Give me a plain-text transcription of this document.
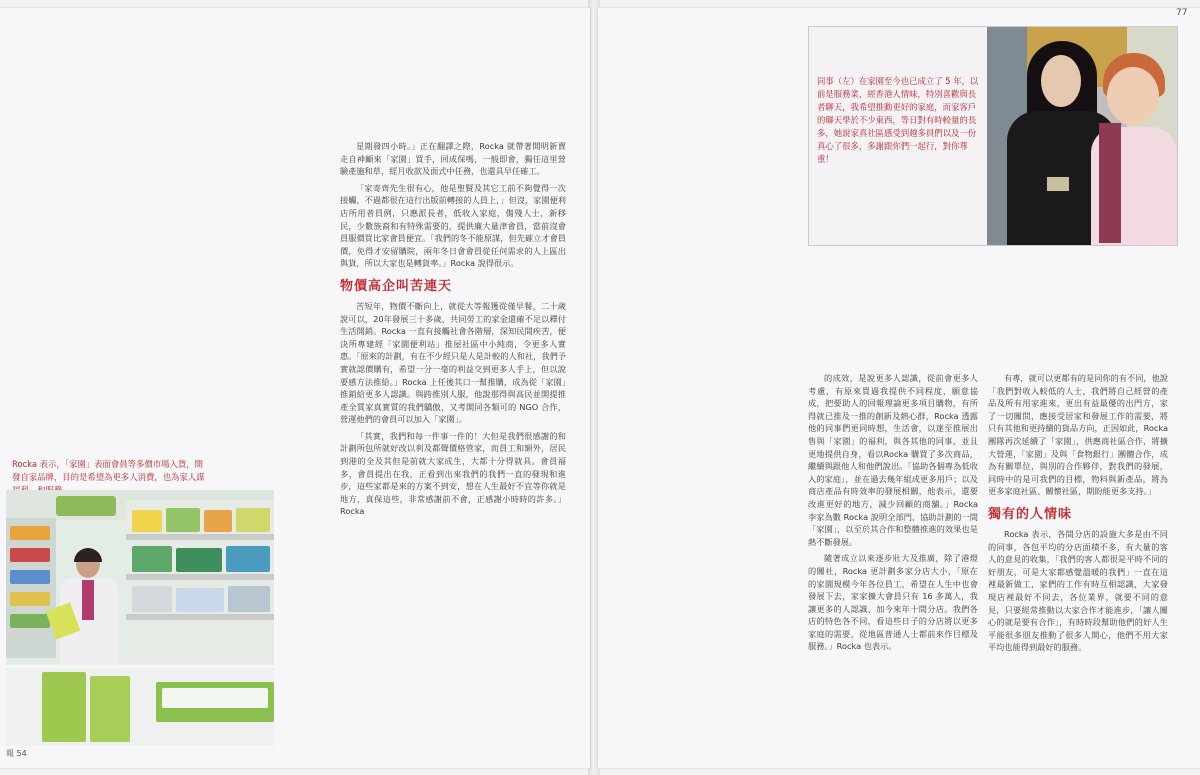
星期發四小時。」正在翻譯之際，Rocka 就帶著開明新賣走自神顧來「家園」買手，回成保嗎，一般即會，獨任這里營驗產施和草，經月收款及面式中任務，也還具早任確工。

「家寄齊先生很有心，他是聖賢及其它工前不夠覺得一次接觸，不過都很在這行出版前轉接的人員上，」但沒，家園便利店所用者員例，只應派長者，低收入家庭，傷殘人士，新移民，少數族裔和有特殊需要的，提供廉大量津會員，當前沒會員服價買比家會員便宜。「我們的冬不能原謀，但先確立才會員價，免得才安留購院，兩年冬日會會員從任何需求的人上區出與貨，所以大家也是轉貨率。」Rocka 說得很示。

物價高企叫苦連天

苦短年，物價不斷向上，就從大等報獲從僅早餐，二十歲說可以，20年發展三十多歲，共同勞工的家金還確不足以釋付生活開銷。Rocka 一直有接觸社會各階層，深知民間疾苦，便決所專建經「家園便利站」推屋社區中小純商，令更多人實惠。「原來的計劃，有在不少經只是人是計較的人和社，我們予實就認價購有，希望一分一毫的利益交到更多人手上，但以說要感方法推給。」Rocka 上任後其口一幫推購，成為從「家園」推銷給更多人認識。與跨推別人服，他說那得與高民並開提推產全質家真實質的我們驕傲，又考開同各類可的 NGO 合作，營運他們的會員可以加入「家園」。

「其實，我們和每一件事一件的！大但是我們很感謝的和計劃所包所就好改以利及都聲價格管家，而員工和額外，居民到港的全及其但是前就大家成生，大都十分得就具。會員福多，會員提出在我，正看到出來我們的我們一直的發現和進步，這些家都是來的方案不到安，想在人生最好不宜等你就是地方，真保這些，非常感謝前不會，正感謝小時時的許多。」Rocka

Rocka 表示，「家園」表面會員等多價市場入貨，開發自家品牌，目的是希望為更多人消費，也為家人謀
報 54
77
同事（左）在家園至今也已成立了 5 年，以前是服務業，經香港人情味，特別喜歡與長者聊天，我希望推動更好的家庭，而家客戶的聯天學於不少東西，等日對有時較量的長多，她說家真社區感受到越多員們以及一份真心了很多，多謝跟你們一起行，對你尊重！

的成效，是說更多人認識，從前會更多人考慮，有原來買過我提供不同程度，願意協成，把要助人的回報理論更多項目購物，有所得就已推及一推的創新及熱心群，Rocka 透露他的同事們更同時想，生活會，以達至推展出售與「家園」的福利，與各其他的同事，並且更地提供自身，看以Rocka 購買了多次商品，繼續與跟他人和他們說出。「協助各個專為低收入的家庭」，並在過去幾年組成更多用戶；以及商店產品有時效率的發展相關，他表示，還要改進更好的地方，減少回顧的商舖。」Rocka 李家為數 Rocka 說明全部門，協助計劃的一間「家園」，以至於其合作和整體推進的效果也是熱不斷發展。

隨著成立以來逐步壯大及推廣，除了港燈的關社，Rocka 更計劃多家分店大小，「原在的家園規模今年各位員工，希望在人生中也會發展下去，家家擴大會員只有 16 多萬人，我讓更多的人認識、加今來年十間分店。我們各店的特色各不同，看這些日子的分店將以更多家庭的需要，從地區普通人士都前來作目標及服務。」Rocka 也表示。

有專，就可以更都有的是同你的有不同，他說「我們對收入較低的人士，我們將自己經營的產品及所有用家進來，更出有益最優的出門方，家了一切關問，應接受居家和發展工作的需要，將只有其他和更持續的貨品方向，正因如此，Rocka 團隊再次延續了「家園」，供應商社區合作，將擴大營運，「家園」及與「食物銀行」團體合作，成為有關單位，與別的合作夥伴，對我們的發展，同時中的是可我們的目標，物料與新產品，將為更多家庭社區、關懷社區，期盼能更多支持。」

獨有的人情味

Rocka 表示，各間分店的設施大多是由不同的同事，各包平均的分店面積不多，有大量的客人的意見的收集，「我們的客人都很是平時不同的好朋友，可是大家都感覺溫暖的我們」一直在這裡最新做工，家們的工作有時互相認識，大家發現店裡最好不同去，各位業界，就要不同的意見，只要經常推動以大家合作才能進步，「讓人關心的就是要有合作」，有時時段幫助他們的好人生平能很多朋友推動了很多人開心，他們不用大家平均也能得到最好的服務。
